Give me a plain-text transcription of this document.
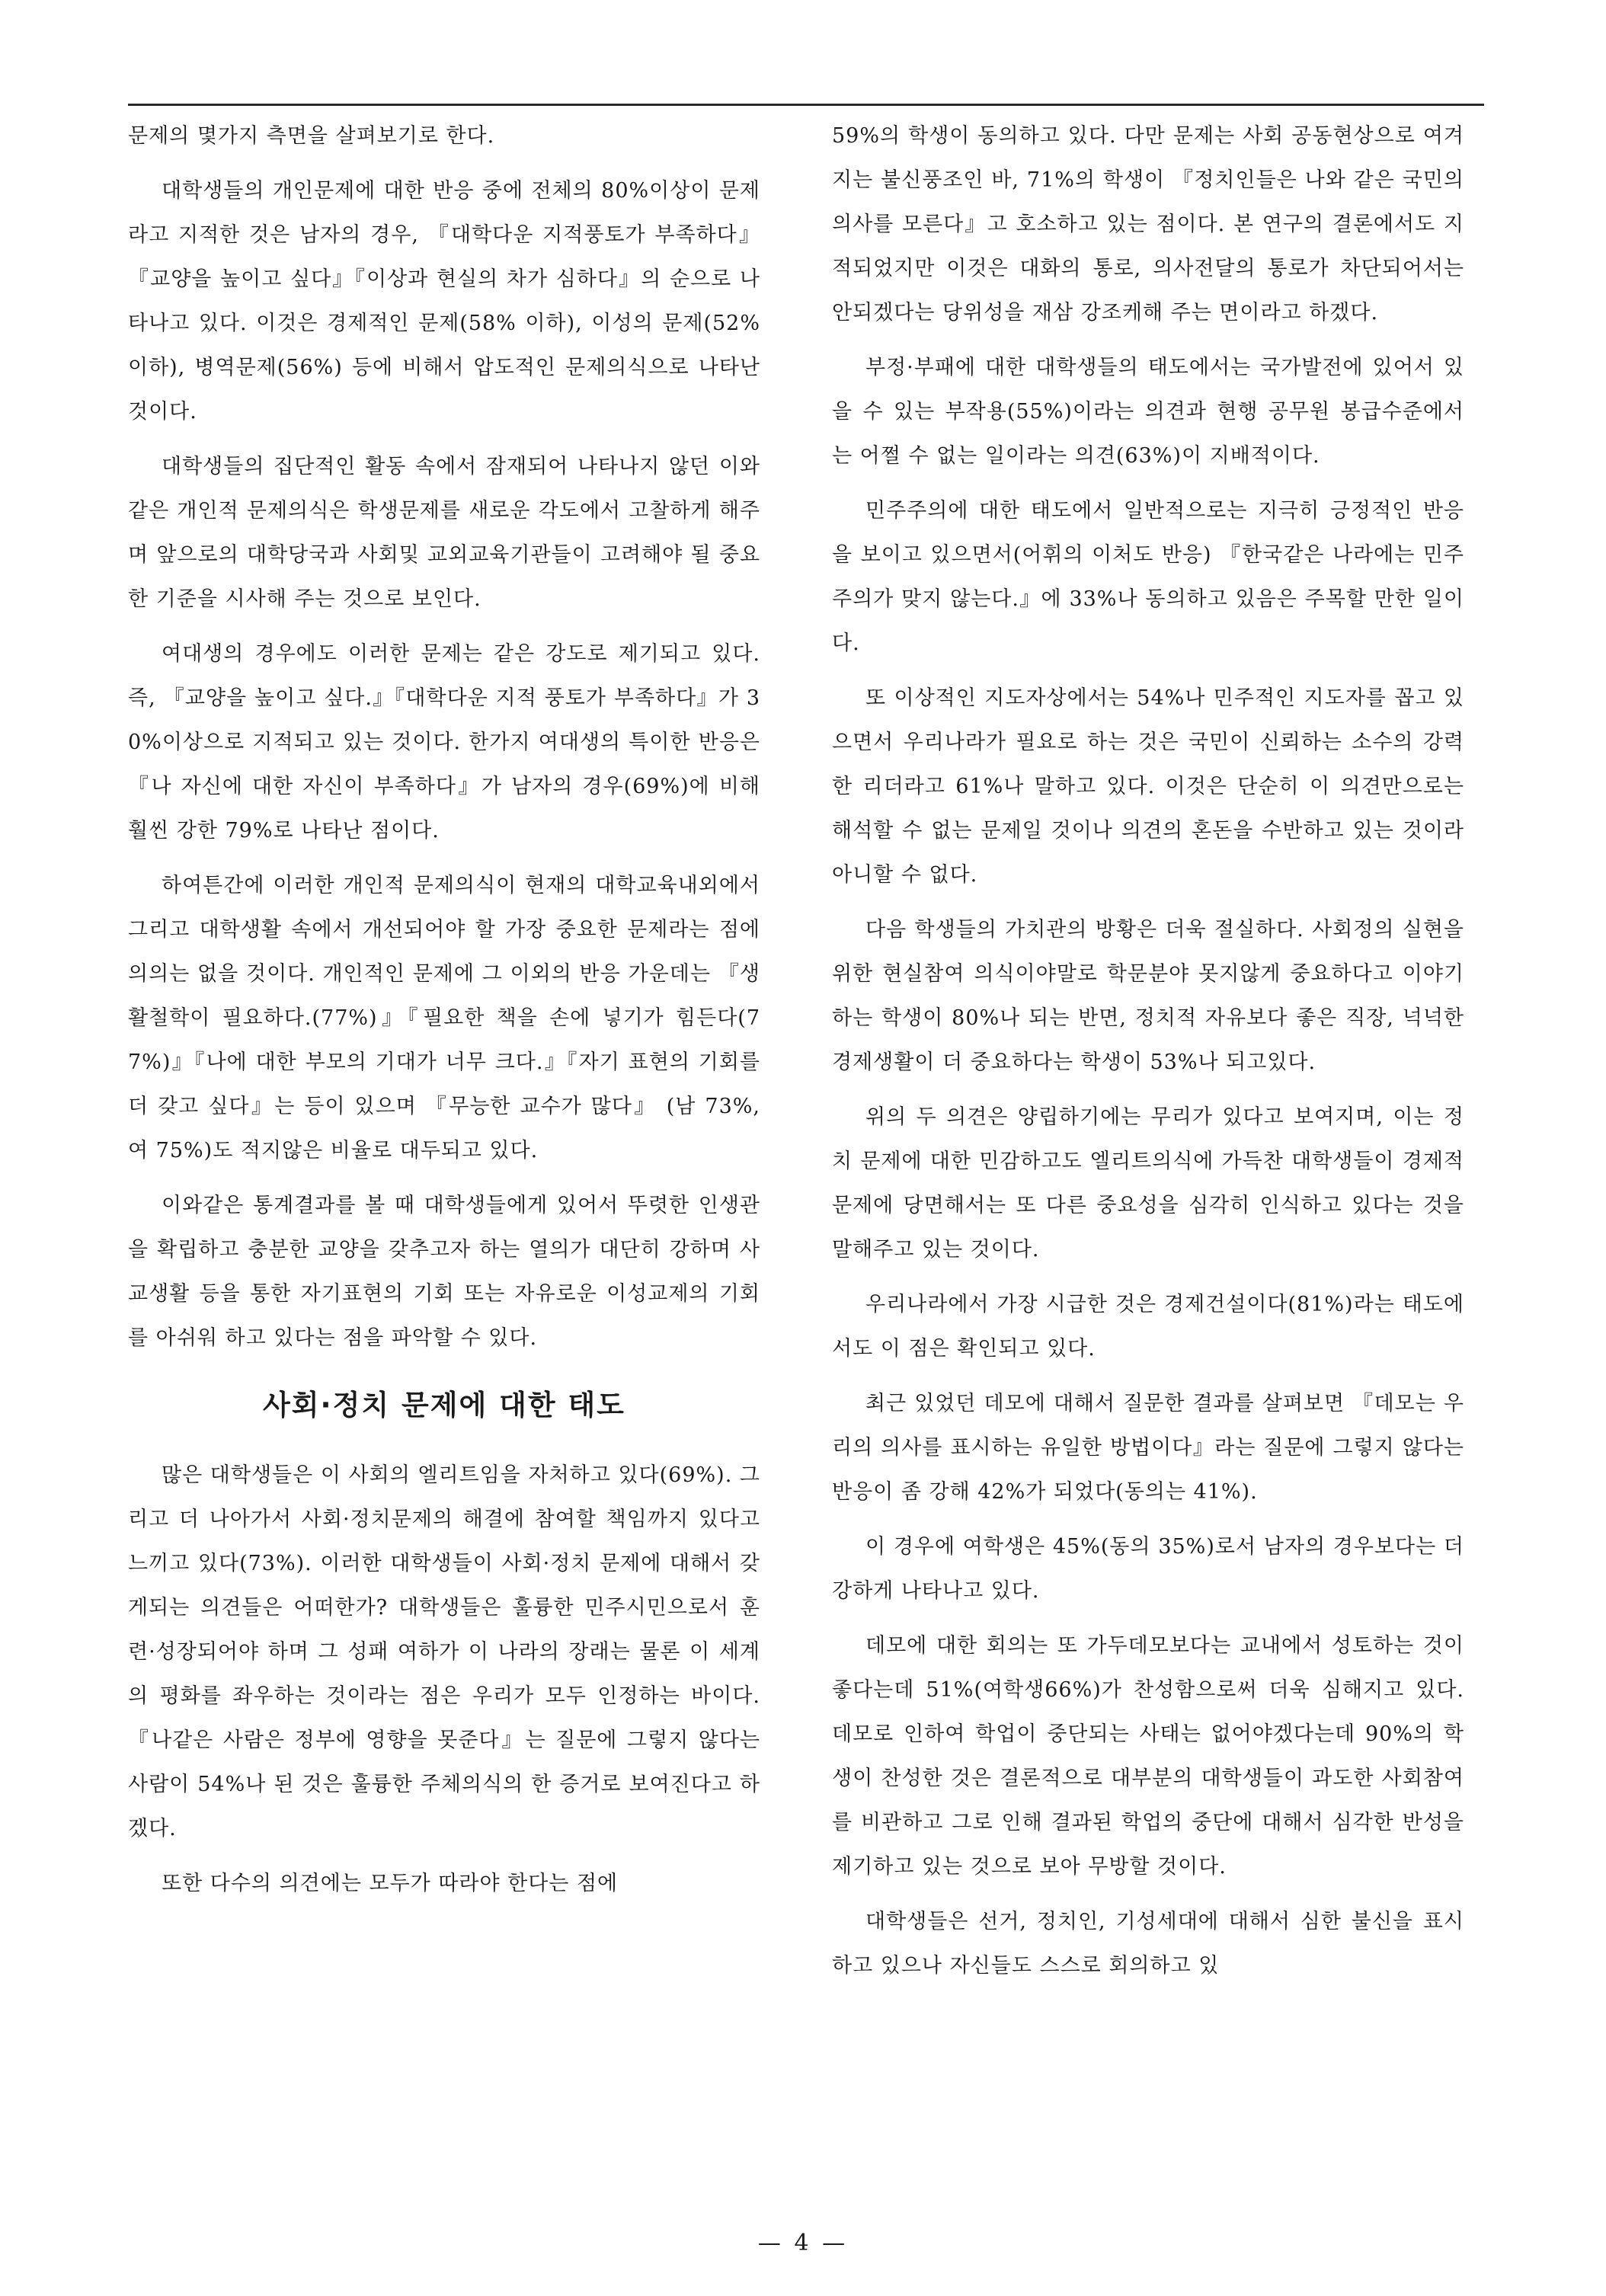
문제의 몇가지 측면을 살펴보기로 한다.

대학생들의 개인문제에 대한 반응 중에 전체의 80%이상이 문제라고 지적한 것은 남자의 경우, 『대학다운 지적풍토가 부족하다』『교양을 높이고 싶다』『이상과 현실의 차가 심하다』의 순으로 나타나고 있다. 이것은 경제적인 문제(58% 이하), 이성의 문제(52% 이하), 병역문제(56%) 등에 비해서 압도적인 문제의식으로 나타난 것이다.

대학생들의 집단적인 활동 속에서 잠재되어 나타나지 않던 이와 같은 개인적 문제의식은 학생문제를 새로운 각도에서 고찰하게 해주며 앞으로의 대학당국과 사회및 교외교육기관들이 고려해야 될 중요한 기준을 시사해 주는 것으로 보인다.

여대생의 경우에도 이러한 문제는 같은 강도로 제기되고 있다. 즉, 『교양을 높이고 싶다.』『대학다운 지적 풍토가 부족하다』가 30%이상으로 지적되고 있는 것이다. 한가지 여대생의 특이한 반응은 『나 자신에 대한 자신이 부족하다』가 남자의 경우(69%)에 비해 훨씬 강한 79%로 나타난 점이다.

하여튼간에 이러한 개인적 문제의식이 현재의 대학교육내외에서 그리고 대학생활 속에서 개선되어야 할 가장 중요한 문제라는 점에 의의는 없을 것이다. 개인적인 문제에 그 이외의 반응 가운데는 『생활철학이 필요하다.(77%)』『필요한 책을 손에 넣기가 힘든다(77%)』『나에 대한 부모의 기대가 너무 크다.』『자기 표현의 기회를 더 갖고 싶다』는 등이 있으며 『무능한 교수가 많다』 (남 73%, 여 75%)도 적지않은 비율로 대두되고 있다.

이와같은 통계결과를 볼 때 대학생들에게 있어서 뚜렷한 인생관을 확립하고 충분한 교양을 갖추고자 하는 열의가 대단히 강하며 사교생활 등을 통한 자기표현의 기회 또는 자유로운 이성교제의 기회를 아쉬워 하고 있다는 점을 파악할 수 있다.

사회·정치 문제에 대한 태도

많은 대학생들은 이 사회의 엘리트임을 자처하고 있다(69%). 그리고 더 나아가서 사회·정치문제의 해결에 참여할 책임까지 있다고 느끼고 있다(73%). 이러한 대학생들이 사회·정치 문제에 대해서 갖게되는 의견들은 어떠한가? 대학생들은 훌륭한 민주시민으로서 훈련·성장되어야 하며 그 성패 여하가 이 나라의 장래는 물론 이 세계의 평화를 좌우하는 것이라는 점은 우리가 모두 인정하는 바이다. 『나같은 사람은 정부에 영향을 못준다』는 질문에 그렇지 않다는 사람이 54%나 된 것은 훌륭한 주체의식의 한 증거로 보여진다고 하겠다.

또한 다수의 의견에는 모두가 따라야 한다는 점에

59%의 학생이 동의하고 있다. 다만 문제는 사회 공동현상으로 여겨지는 불신풍조인 바, 71%의 학생이 『정치인들은 나와 같은 국민의 의사를 모른다』고 호소하고 있는 점이다. 본 연구의 결론에서도 지적되었지만 이것은 대화의 통로, 의사전달의 통로가 차단되어서는 안되겠다는 당위성을 재삼 강조케해 주는 면이라고 하겠다.

부정·부패에 대한 대학생들의 태도에서는 국가발전에 있어서 있을 수 있는 부작용(55%)이라는 의견과 현행 공무원 봉급수준에서는 어쩔 수 없는 일이라는 의견(63%)이 지배적이다.

민주주의에 대한 태도에서 일반적으로는 지극히 긍정적인 반응을 보이고 있으면서(어휘의 이처도 반응) 『한국같은 나라에는 민주주의가 맞지 않는다.』에 33%나 동의하고 있음은 주목할 만한 일이다.

또 이상적인 지도자상에서는 54%나 민주적인 지도자를 꼽고 있으면서 우리나라가 필요로 하는 것은 국민이 신뢰하는 소수의 강력한 리더라고 61%나 말하고 있다. 이것은 단순히 이 의견만으로는 해석할 수 없는 문제일 것이나 의견의 혼돈을 수반하고 있는 것이라 아니할 수 없다.

다음 학생들의 가치관의 방황은 더욱 절실하다. 사회정의 실현을 위한 현실참여 의식이야말로 학문분야 못지않게 중요하다고 이야기하는 학생이 80%나 되는 반면, 정치적 자유보다 좋은 직장, 넉넉한 경제생활이 더 중요하다는 학생이 53%나 되고있다.

위의 두 의견은 양립하기에는 무리가 있다고 보여지며, 이는 정치 문제에 대한 민감하고도 엘리트의식에 가득찬 대학생들이 경제적 문제에 당면해서는 또 다른 중요성을 심각히 인식하고 있다는 것을 말해주고 있는 것이다.

우리나라에서 가장 시급한 것은 경제건설이다(81%)라는 태도에서도 이 점은 확인되고 있다.

최근 있었던 데모에 대해서 질문한 결과를 살펴보면 『데모는 우리의 의사를 표시하는 유일한 방법이다』라는 질문에 그렇지 않다는 반응이 좀 강해 42%가 되었다(동의는 41%).

이 경우에 여학생은 45%(동의 35%)로서 남자의 경우보다는 더 강하게 나타나고 있다.

데모에 대한 회의는 또 가두데모보다는 교내에서 성토하는 것이 좋다는데 51%(여학생66%)가 찬성함으로써 더욱 심해지고 있다. 데모로 인하여 학업이 중단되는 사태는 없어야겠다는데 90%의 학생이 찬성한 것은 결론적으로 대부분의 대학생들이 과도한 사회참여를 비관하고 그로 인해 결과된 학업의 중단에 대해서 심각한 반성을 제기하고 있는 것으로 보아 무방할 것이다.

대학생들은 선거, 정치인, 기성세대에 대해서 심한 불신을 표시하고 있으나 자신들도 스스로 회의하고 있

— 4 —
